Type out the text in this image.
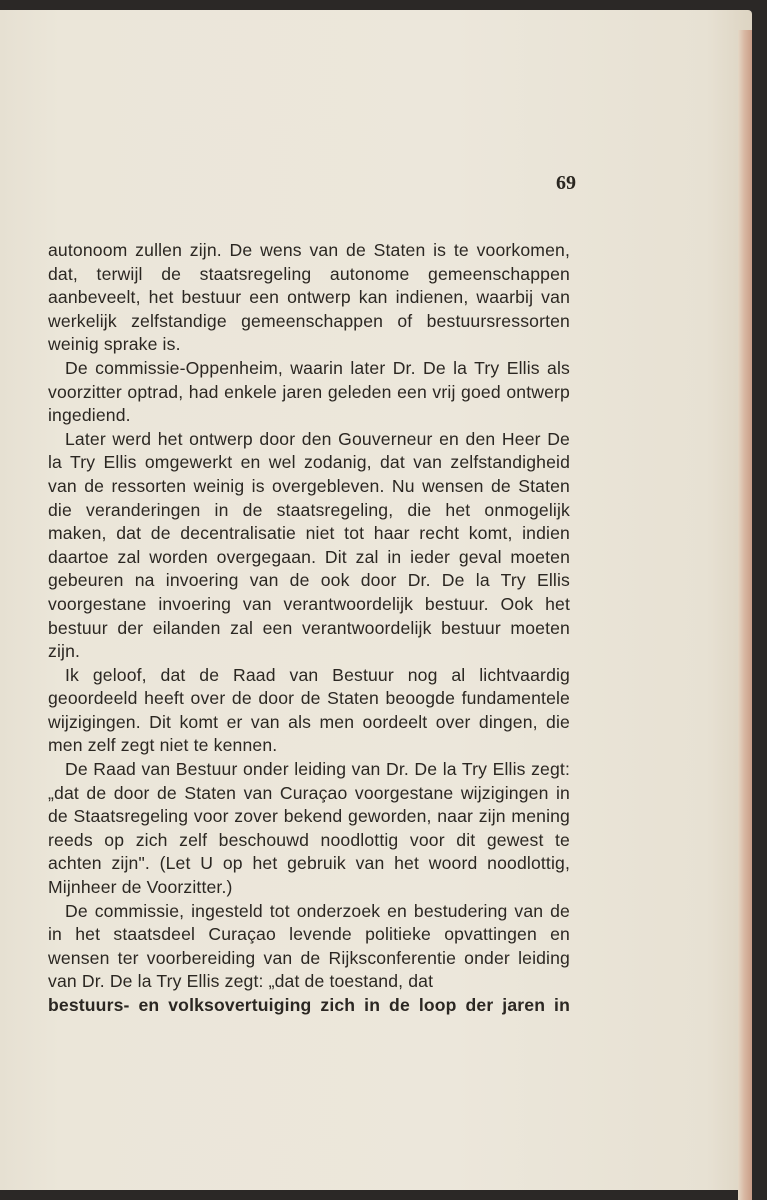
69

autonoom zullen zijn. De wens van de Staten is te voorkomen, dat, terwijl de staatsregeling autonome gemeenschappen aanbeveelt, het bestuur een ontwerp kan indienen, waarbij van werkelijk zelfstandige gemeenschappen of bestuursressorten weinig sprake is.

De commissie-Oppenheim, waarin later Dr. De la Try Ellis als voorzitter optrad, had enkele jaren geleden een vrij goed ontwerp ingediend.

Later werd het ontwerp door den Gouverneur en den Heer De la Try Ellis omgewerkt en wel zodanig, dat van zelfstandigheid van de ressorten weinig is overgebleven. Nu wensen de Staten die veranderingen in de staatsregeling, die het onmogelijk maken, dat de decentralisatie niet tot haar recht komt, indien daartoe zal worden overgegaan. Dit zal in ieder geval moeten gebeuren na invoering van de ook door Dr. De la Try Ellis voorgestane invoering van verantwoordelijk bestuur. Ook het bestuur der eilanden zal een verantwoordelijk bestuur moeten zijn.

Ik geloof, dat de Raad van Bestuur nog al lichtvaardig geoordeeld heeft over de door de Staten beoogde fundamentele wijzigingen. Dit komt er van als men oordeelt over dingen, die men zelf zegt niet te kennen.

De Raad van Bestuur onder leiding van Dr. De la Try Ellis zegt: „dat de door de Staten van Curaçao voorgestane wijzigingen in de Staatsregeling voor zover bekend geworden, naar zijn mening reeds op zich zelf beschouwd noodlottig voor dit gewest te achten zijn". (Let U op het gebruik van het woord noodlottig, Mijnheer de Voorzitter.)

De commissie, ingesteld tot onderzoek en bestudering van de in het staatsdeel Curaçao levende politieke opvattingen en wensen ter voorbereiding van de Rijksconferentie onder leiding van Dr. De la Try Ellis zegt: „dat de toestand, dat

bestuurs- en volksovertuiging zich in de loop der jaren in
